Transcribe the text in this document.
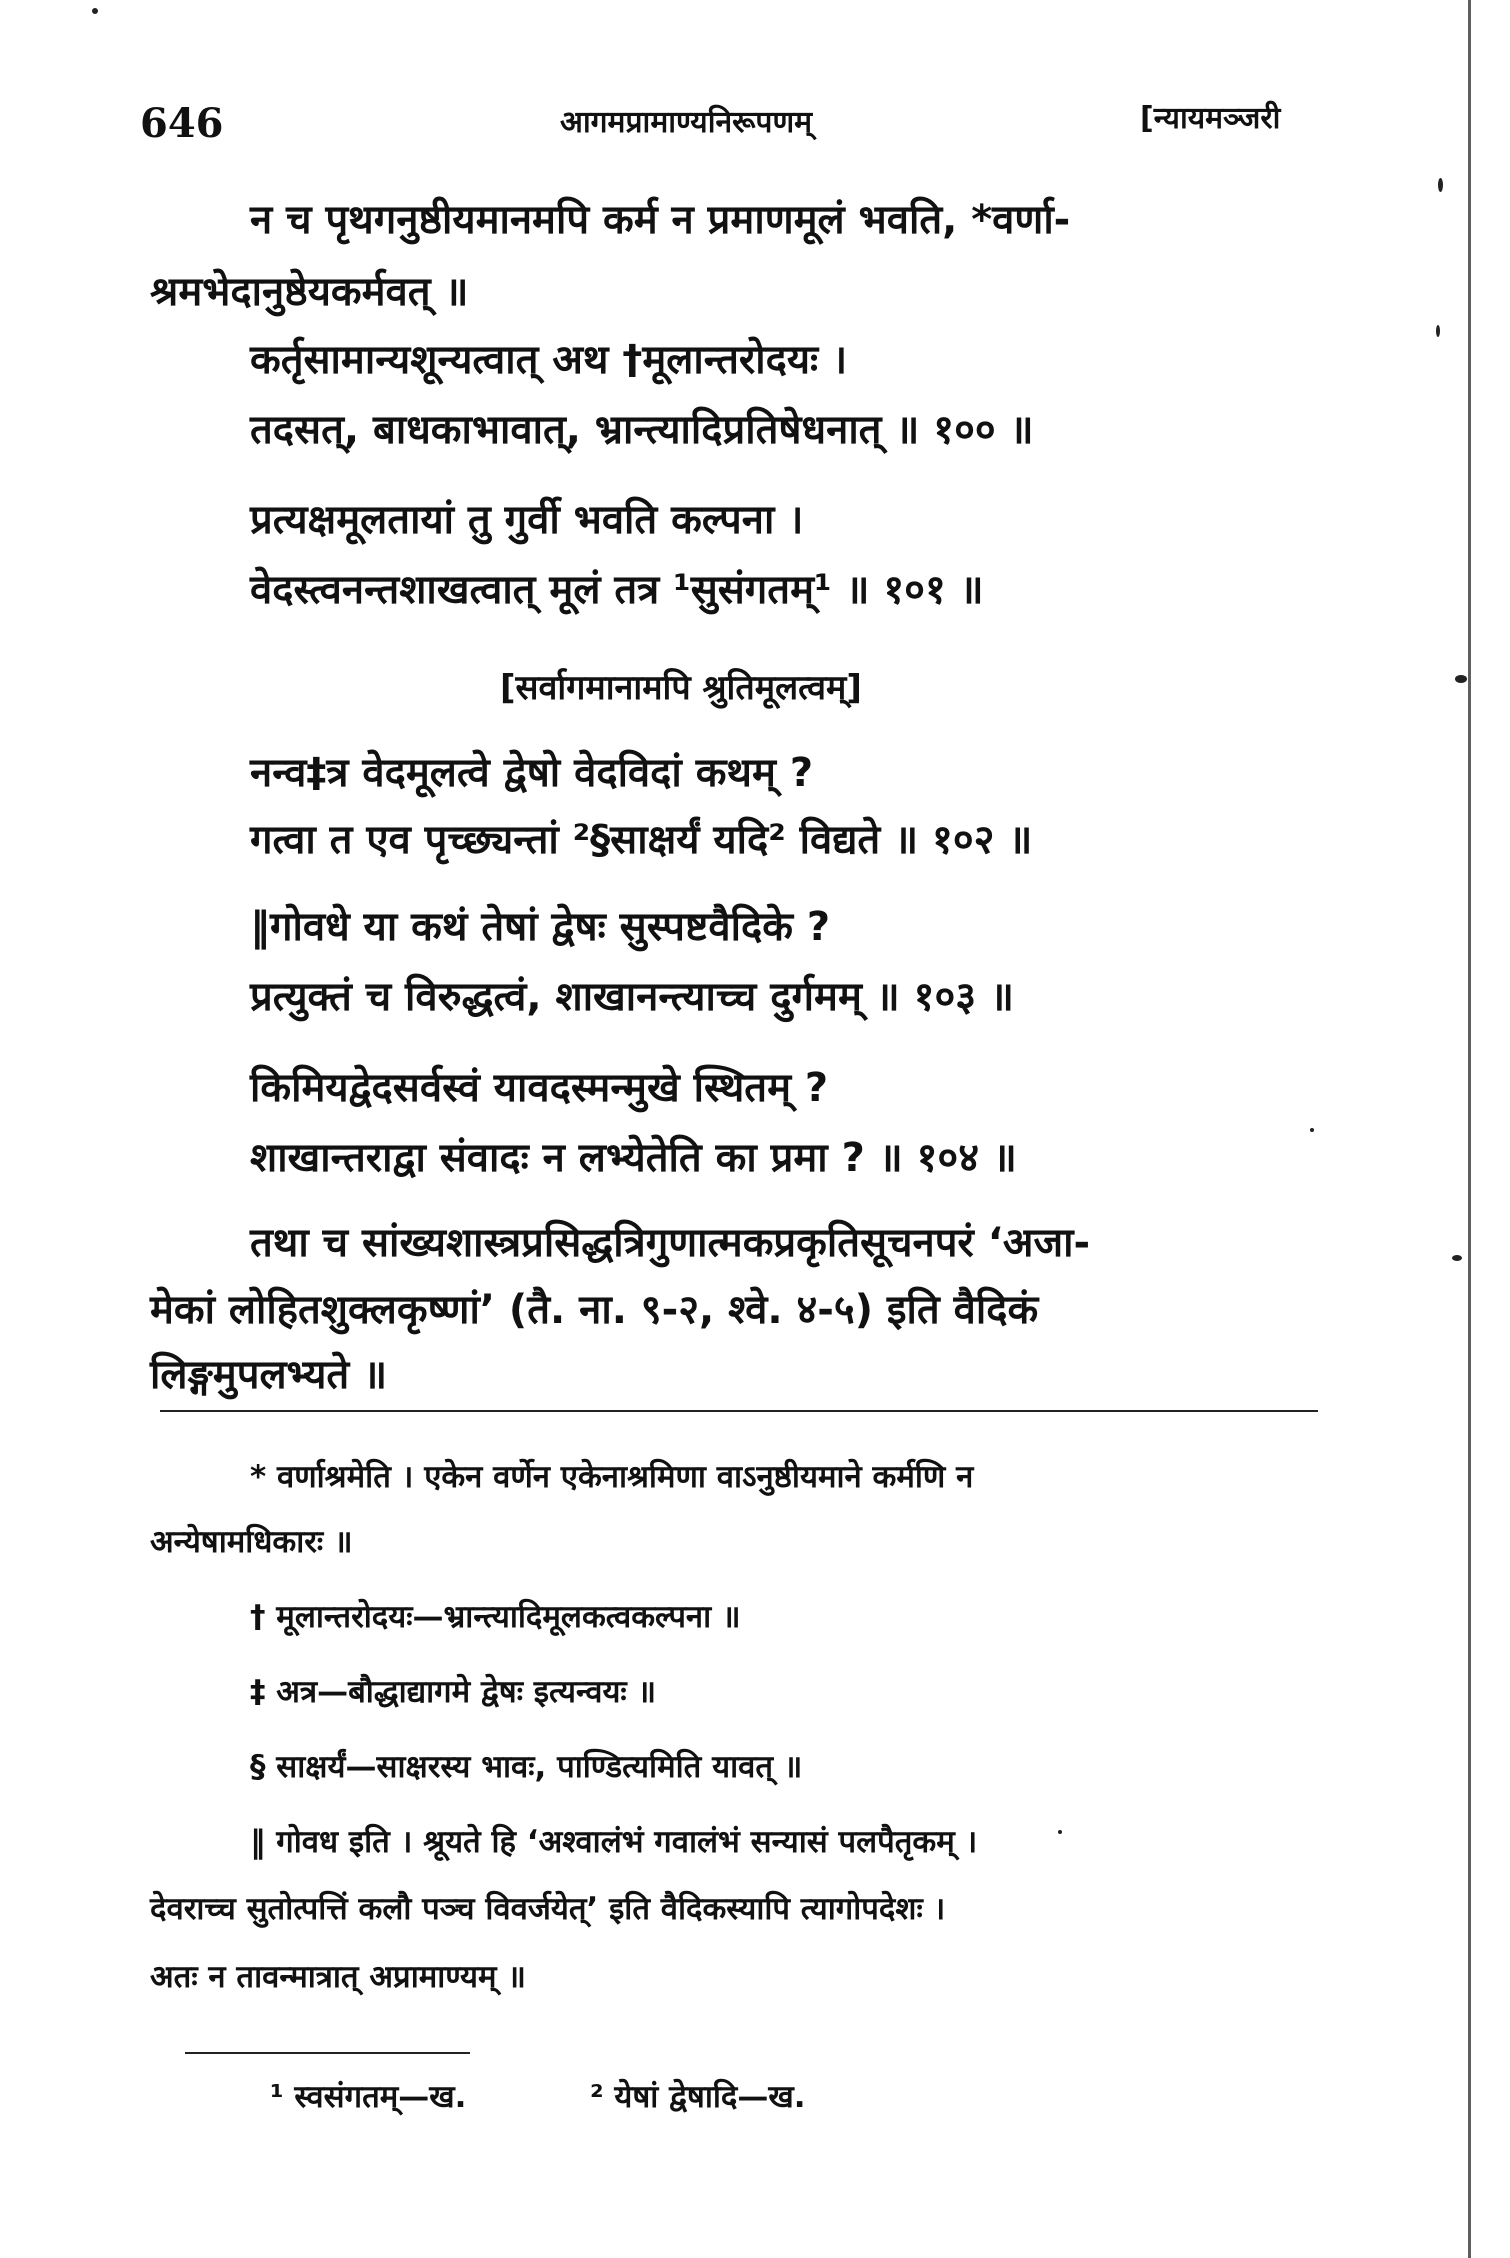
646	आगमप्रामाण्यनिरूपणम्	[न्यायमञ्जरी
न च पृथगनुष्ठीयमानमपि कर्म न प्रमाणमूलं भवति, *वर्णा-
श्रमभेदानुष्ठेयकर्मवत् ॥
कर्तृसामान्यशून्यत्वात् अथ †मूलान्तरोदयः ।
तदसत्, बाधकाभावात्, भ्रान्त्यादिप्रतिषेधनात् ॥ १०० ॥
प्रत्यक्षमूलतायां तु गुर्वी भवति कल्पना ।
वेदस्त्वनन्तशाखत्वात् मूलं तत्र ¹सुसंगतम्¹ ॥ १०१ ॥
[सर्वागमानामपि श्रुतिमूलत्वम्]
नन्व‡त्र वेदमूलत्वे द्वेषो वेदविदां कथम् ?
गत्वा त एव पृच्छ्यन्तां ²§साक्षर्यं यदि² विद्यते ॥ १०२ ॥
‖गोवधे या कथं तेषां द्वेषः सुस्पष्टवैदिके ?
प्रत्युक्तं च विरुद्धत्वं, शाखानन्त्याच्च दुर्गमम् ॥ १०३ ॥
किमियद्वेदसर्वस्वं यावदस्मन्मुखे स्थितम् ?
शाखान्तराद्वा संवादः न लभ्येतेति का प्रमा ? ॥ १०४ ॥
तथा च सांख्यशास्त्रप्रसिद्धत्रिगुणात्मकप्रकृतिसूचनपरं ‘अजा-
मेकां लोहितशुक्लकृष्णां’ (तै. ना. ९-२, श्वे. ४-५) इति वैदिकं
लिङ्गमुपलभ्यते ॥
* वर्णाश्रमेति । एकेन वर्णेन एकेनाश्रमिणा वाऽनुष्ठीयमाने कर्मणि न
अन्येषामधिकारः ॥
† मूलान्तरोदयः—भ्रान्त्यादिमूलकत्वकल्पना ॥
‡ अत्र—बौद्धाद्यागमे द्वेषः इत्यन्वयः ॥
§ साक्षर्यं—साक्षरस्य भावः, पाण्डित्यमिति यावत् ॥
‖ गोवध इति । श्रूयते हि ‘अश्वालंभं गवालंभं सन्यासं पलपैतृकम् ।
देवराच्च सुतोत्पत्तिं कलौ पञ्च विवर्जयेत्’ इति वैदिकस्यापि त्यागोपदेशः ।
अतः न तावन्मात्रात् अप्रामाण्यम् ॥
¹ स्वसंगतम्—ख.	² येषां द्वेषादि—ख.
